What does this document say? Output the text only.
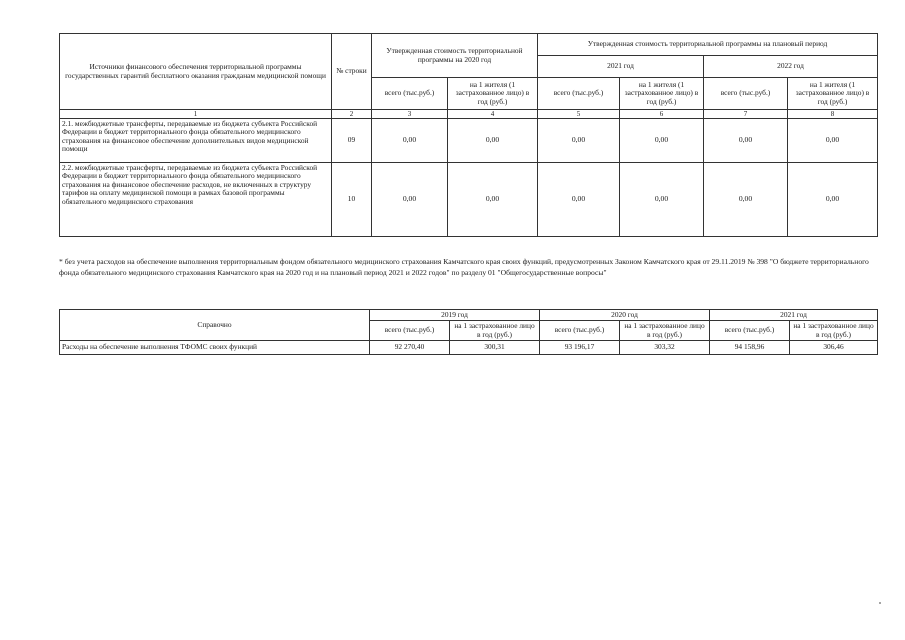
Источники финансового обеспечения территориальной программы государственных гарантий бесплатного оказания гражданам медицинской помощи	№ строки	Утвержденная стоимость территориальной программы на 2020 год		Утвержденная стоимость территориальной программы на плановый период			
				2021 год		2022 год	
		всего (тыс.руб.)	на 1 жителя (1 застрахованное лицо) в год (руб.)	всего (тыс.руб.)	на 1 жителя (1 застрахованное лицо) в год (руб.)	всего (тыс.руб.)	на 1 жителя (1 застрахованное лицо) в год (руб.)
1	2	3	4	5	6	7	8
2.1. межбюджетные трансферты, передаваемые из бюджета субъекта Российской Федерации в бюджет территориального фонда обязательного медицинского страхования на финансовое обеспечение дополнительных видов медицинской помощи	09	0,00	0,00	0,00	0,00	0,00	0,00
2.2. межбюджетные трансферты, передаваемые из бюджета субъекта Российской Федерации в бюджет территориального фонда обязательного медицинского страхования на финансовое обеспечение расходов, не включенных в структуру тарифов на оплату медицинской помощи в рамках базовой программы обязательного медицинского страхования	10	0,00	0,00	0,00	0,00	0,00	0,00
* без учета расходов на обеспечение выполнения территориальным фондом обязательного медицинского страхования Камчатского края своих функций, предусмотренных Законом Камчатского края от 29.11.2019 № 398 "О бюджете территориального фонда обязательного медицинского страхования Камчатского края на 2020 год и на плановый период 2021 и 2022 годов" по разделу 01 "Общегосударственные вопросы"
Справочно	2019 год		2020 год		2021 год	
	всего (тыс.руб.)	на 1 застрахованное лицо в год (руб.)	всего (тыс.руб.)	на 1 застрахованное лицо в год (руб.)	всего (тыс.руб.)	на 1 застрахованное лицо в год (руб.)
Расходы на обеспечение выполнения ТФОМС своих функций	92 270,40	300,31	93 196,17	303,32	94 158,96	306,46
